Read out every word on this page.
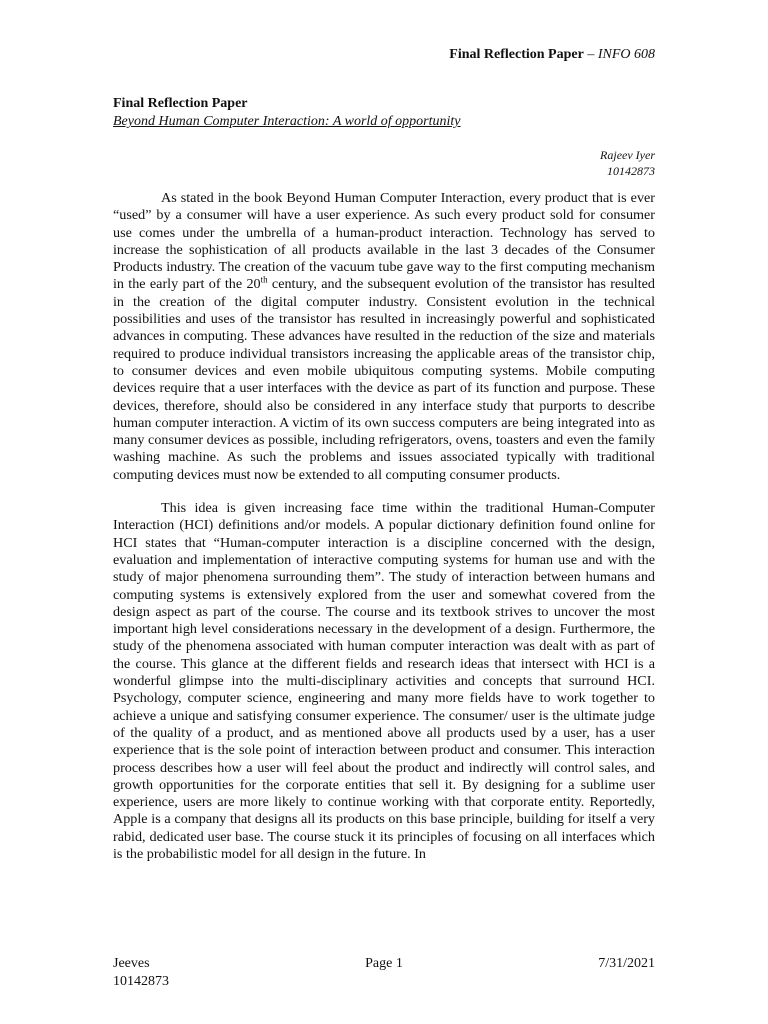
Final Reflection Paper – INFO 608
Final Reflection Paper
Beyond Human Computer Interaction: A world of opportunity
Rajeev Iyer
10142873

As stated in the book Beyond Human Computer Interaction, every product that is ever “used” by a consumer will have a user experience. As such every product sold for consumer use comes under the umbrella of a human-product interaction. Technology has served to increase the sophistication of all products available in the last 3 decades of the Consumer Products industry. The creation of the vacuum tube gave way to the first computing mechanism in the early part of the 20th century, and the subsequent evolution of the transistor has resulted in the creation of the digital computer industry. Consistent evolution in the technical possibilities and uses of the transistor has resulted in increasingly powerful and sophisticated advances in computing. These advances have resulted in the reduction of the size and materials required to produce individual transistors increasing the applicable areas of the transistor chip, to consumer devices and even mobile ubiquitous computing systems. Mobile computing devices require that a user interfaces with the device as part of its function and purpose. These devices, therefore, should also be considered in any interface study that purports to describe human computer interaction. A victim of its own success computers are being integrated into as many consumer devices as possible, including refrigerators, ovens, toasters and even the family washing machine. As such the problems and issues associated typically with traditional computing devices must now be extended to all computing consumer products.

This idea is given increasing face time within the traditional Human-Computer Interaction (HCI) definitions and/or models. A popular dictionary definition found online for HCI states that “Human-computer interaction is a discipline concerned with the design, evaluation and implementation of interactive computing systems for human use and with the study of major phenomena surrounding them”. The study of interaction between humans and computing systems is extensively explored from the user and somewhat covered from the design aspect as part of the course. The course and its textbook strives to uncover the most important high level considerations necessary in the development of a design. Furthermore, the study of the phenomena associated with human computer interaction was dealt with as part of the course. This glance at the different fields and research ideas that intersect with HCI is a wonderful glimpse into the multi-disciplinary activities and concepts that surround HCI. Psychology, computer science, engineering and many more fields have to work together to achieve a unique and satisfying consumer experience. The consumer/ user is the ultimate judge of the quality of a product, and as mentioned above all products used by a user, has a user experience that is the sole point of interaction between product and consumer. This interaction process describes how a user will feel about the product and indirectly will control sales, and growth opportunities for the corporate entities that sell it. By designing for a sublime user experience, users are more likely to continue working with that corporate entity. Reportedly, Apple is a company that designs all its products on this base principle, building for itself a very rabid, dedicated user base. The course stuck it its principles of focusing on all interfaces which is the probabilistic model for all design in the future. In

Jeeves
10142873
Page 1	7/31/2021
